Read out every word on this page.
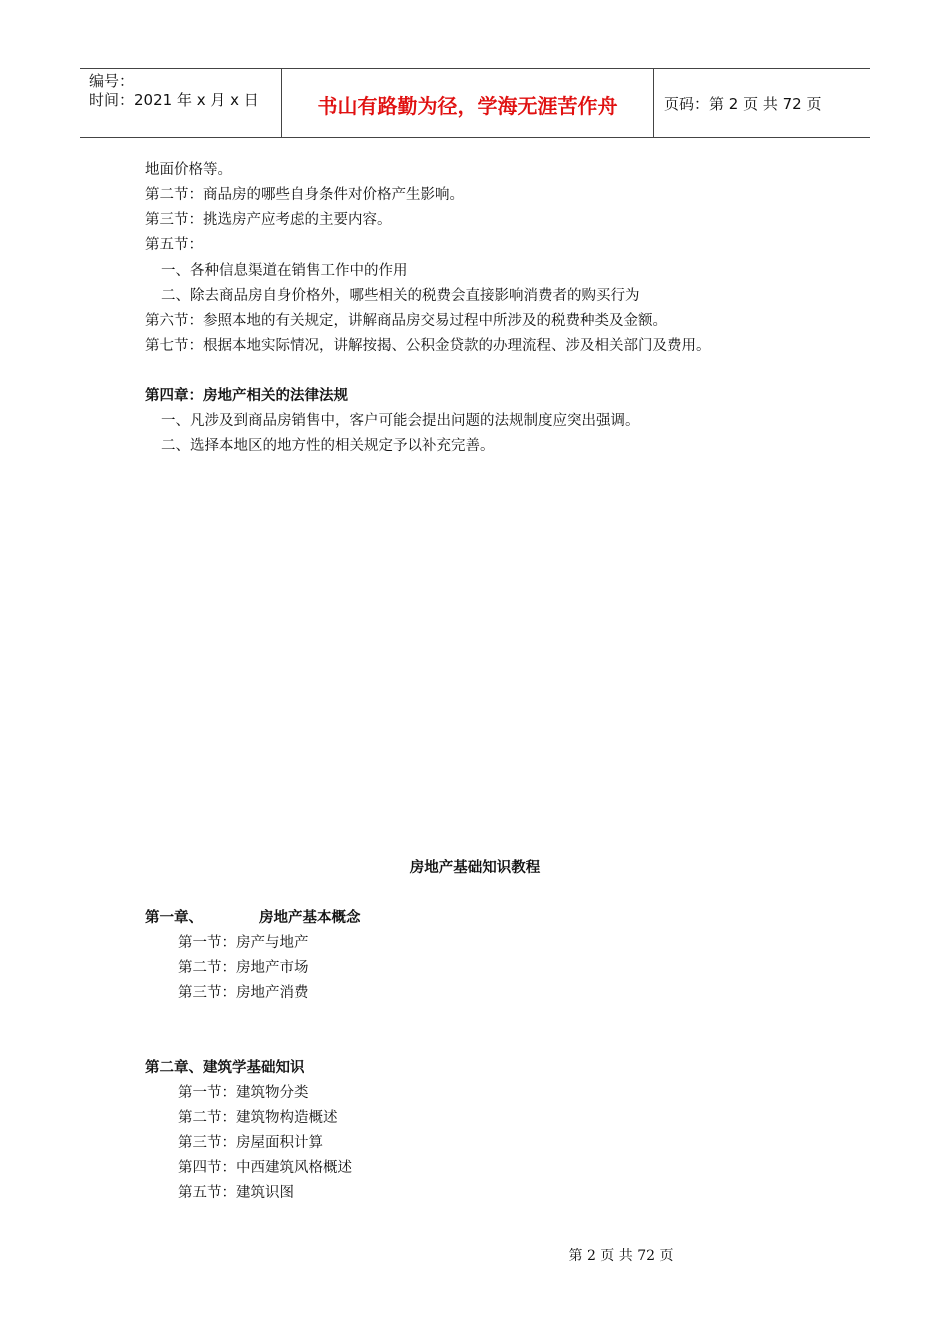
编号：
时间：2021 年 x 月 x 日	书山有路勤为径，学海无涯苦作舟	页码：第 2 页 共 72 页
地面价格等。
第二节：商品房的哪些自身条件对价格产生影响。
第三节：挑选房产应考虑的主要内容。
第五节：
一、各种信息渠道在销售工作中的作用
二、除去商品房自身价格外，哪些相关的税费会直接影响消费者的购买行为
第六节：参照本地的有关规定，讲解商品房交易过程中所涉及的税费种类及金额。
第七节：根据本地实际情况，讲解按揭、公积金贷款的办理流程、涉及相关部门及费用。
第四章：房地产相关的法律法规
一、凡涉及到商品房销售中，客户可能会提出问题的法规制度应突出强调。
二、选择本地区的地方性的相关规定予以补充完善。
房地产基础知识教程
第一章、	房地产基本概念
第一节：房产与地产
第二节：房地产市场
第三节：房地产消费
第二章、建筑学基础知识
第一节：建筑物分类
第二节：建筑物构造概述
第三节：房屋面积计算
第四节：中西建筑风格概述
第五节：建筑识图
第 2 页 共 72 页
